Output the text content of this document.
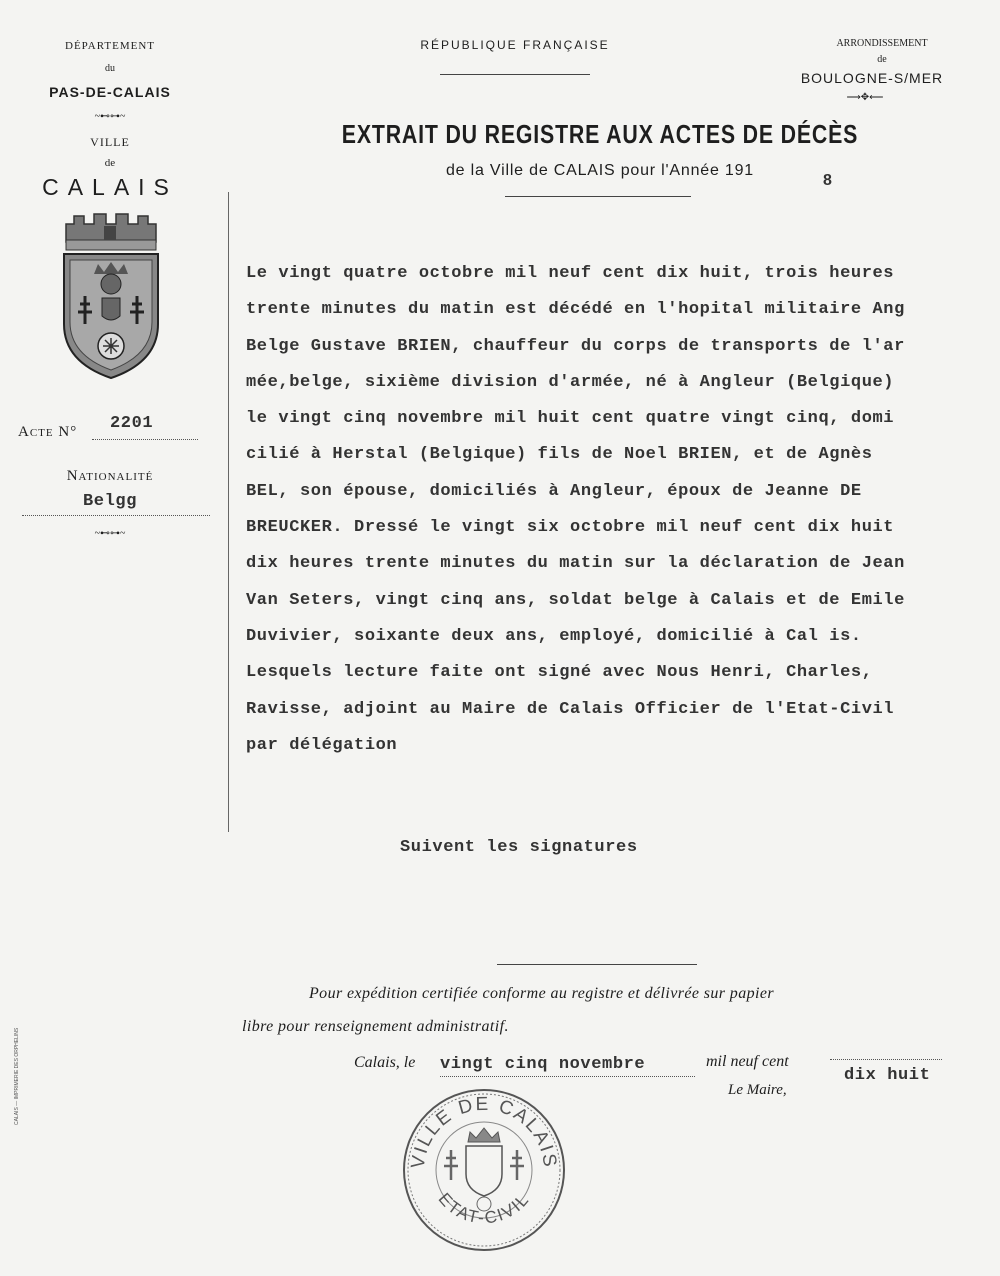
DÉPARTEMENT
du
PAS-DE-CALAIS
~⊷⊶~
VILLE
de
CALAIS
Acte N° 2201
Nationalité
Belgg
~⊷⊶~
CALAIS — IMPRIMERIE DES ORPHELINS
RÉPUBLIQUE FRANÇAISE	ARRONDISSEMENT
de
BOULOGNE-S/MER
⟶✥⟵
EXTRAIT DU REGISTRE AUX ACTES DE DÉCÈS
de la Ville de CALAIS pour l'Année 191
8
Le vingt quatre octobre mil neuf cent dix huit, trois heures
trente minutes du matin est décédé en l'hopital militaire Ang
Belge Gustave BRIEN, chauffeur du corps de transports de l'ar
mée,belge, sixième division d'armée, né à Angleur (Belgique)
le vingt cinq novembre mil huit cent quatre vingt cinq, domi
cilié à Herstal (Belgique) fils de Noel BRIEN, et de Agnès
BEL, son épouse, domiciliés à Angleur, époux de Jeanne DE
BREUCKER. Dressé le vingt six octobre mil neuf cent dix huit
dix heures trente minutes du matin sur la déclaration de Jean
Van Seters, vingt cinq ans, soldat belge à Calais et de Emile
Duvivier, soixante deux ans, employé, domicilié à Cal is.
Lesquels lecture faite ont signé avec Nous Henri, Charles,
Ravisse, adjoint au Maire de Calais Officier de l'Etat-Civil
par délégation
Suivent les signatures
Pour expédition certifiée conforme au registre et délivrée sur papier
libre pour renseignement administratif.
Calais, le vingt cinq novembre	mil neuf cent
dix huit
Le Maire,
VILLE DE CALAIS
ETAT-CIVIL
